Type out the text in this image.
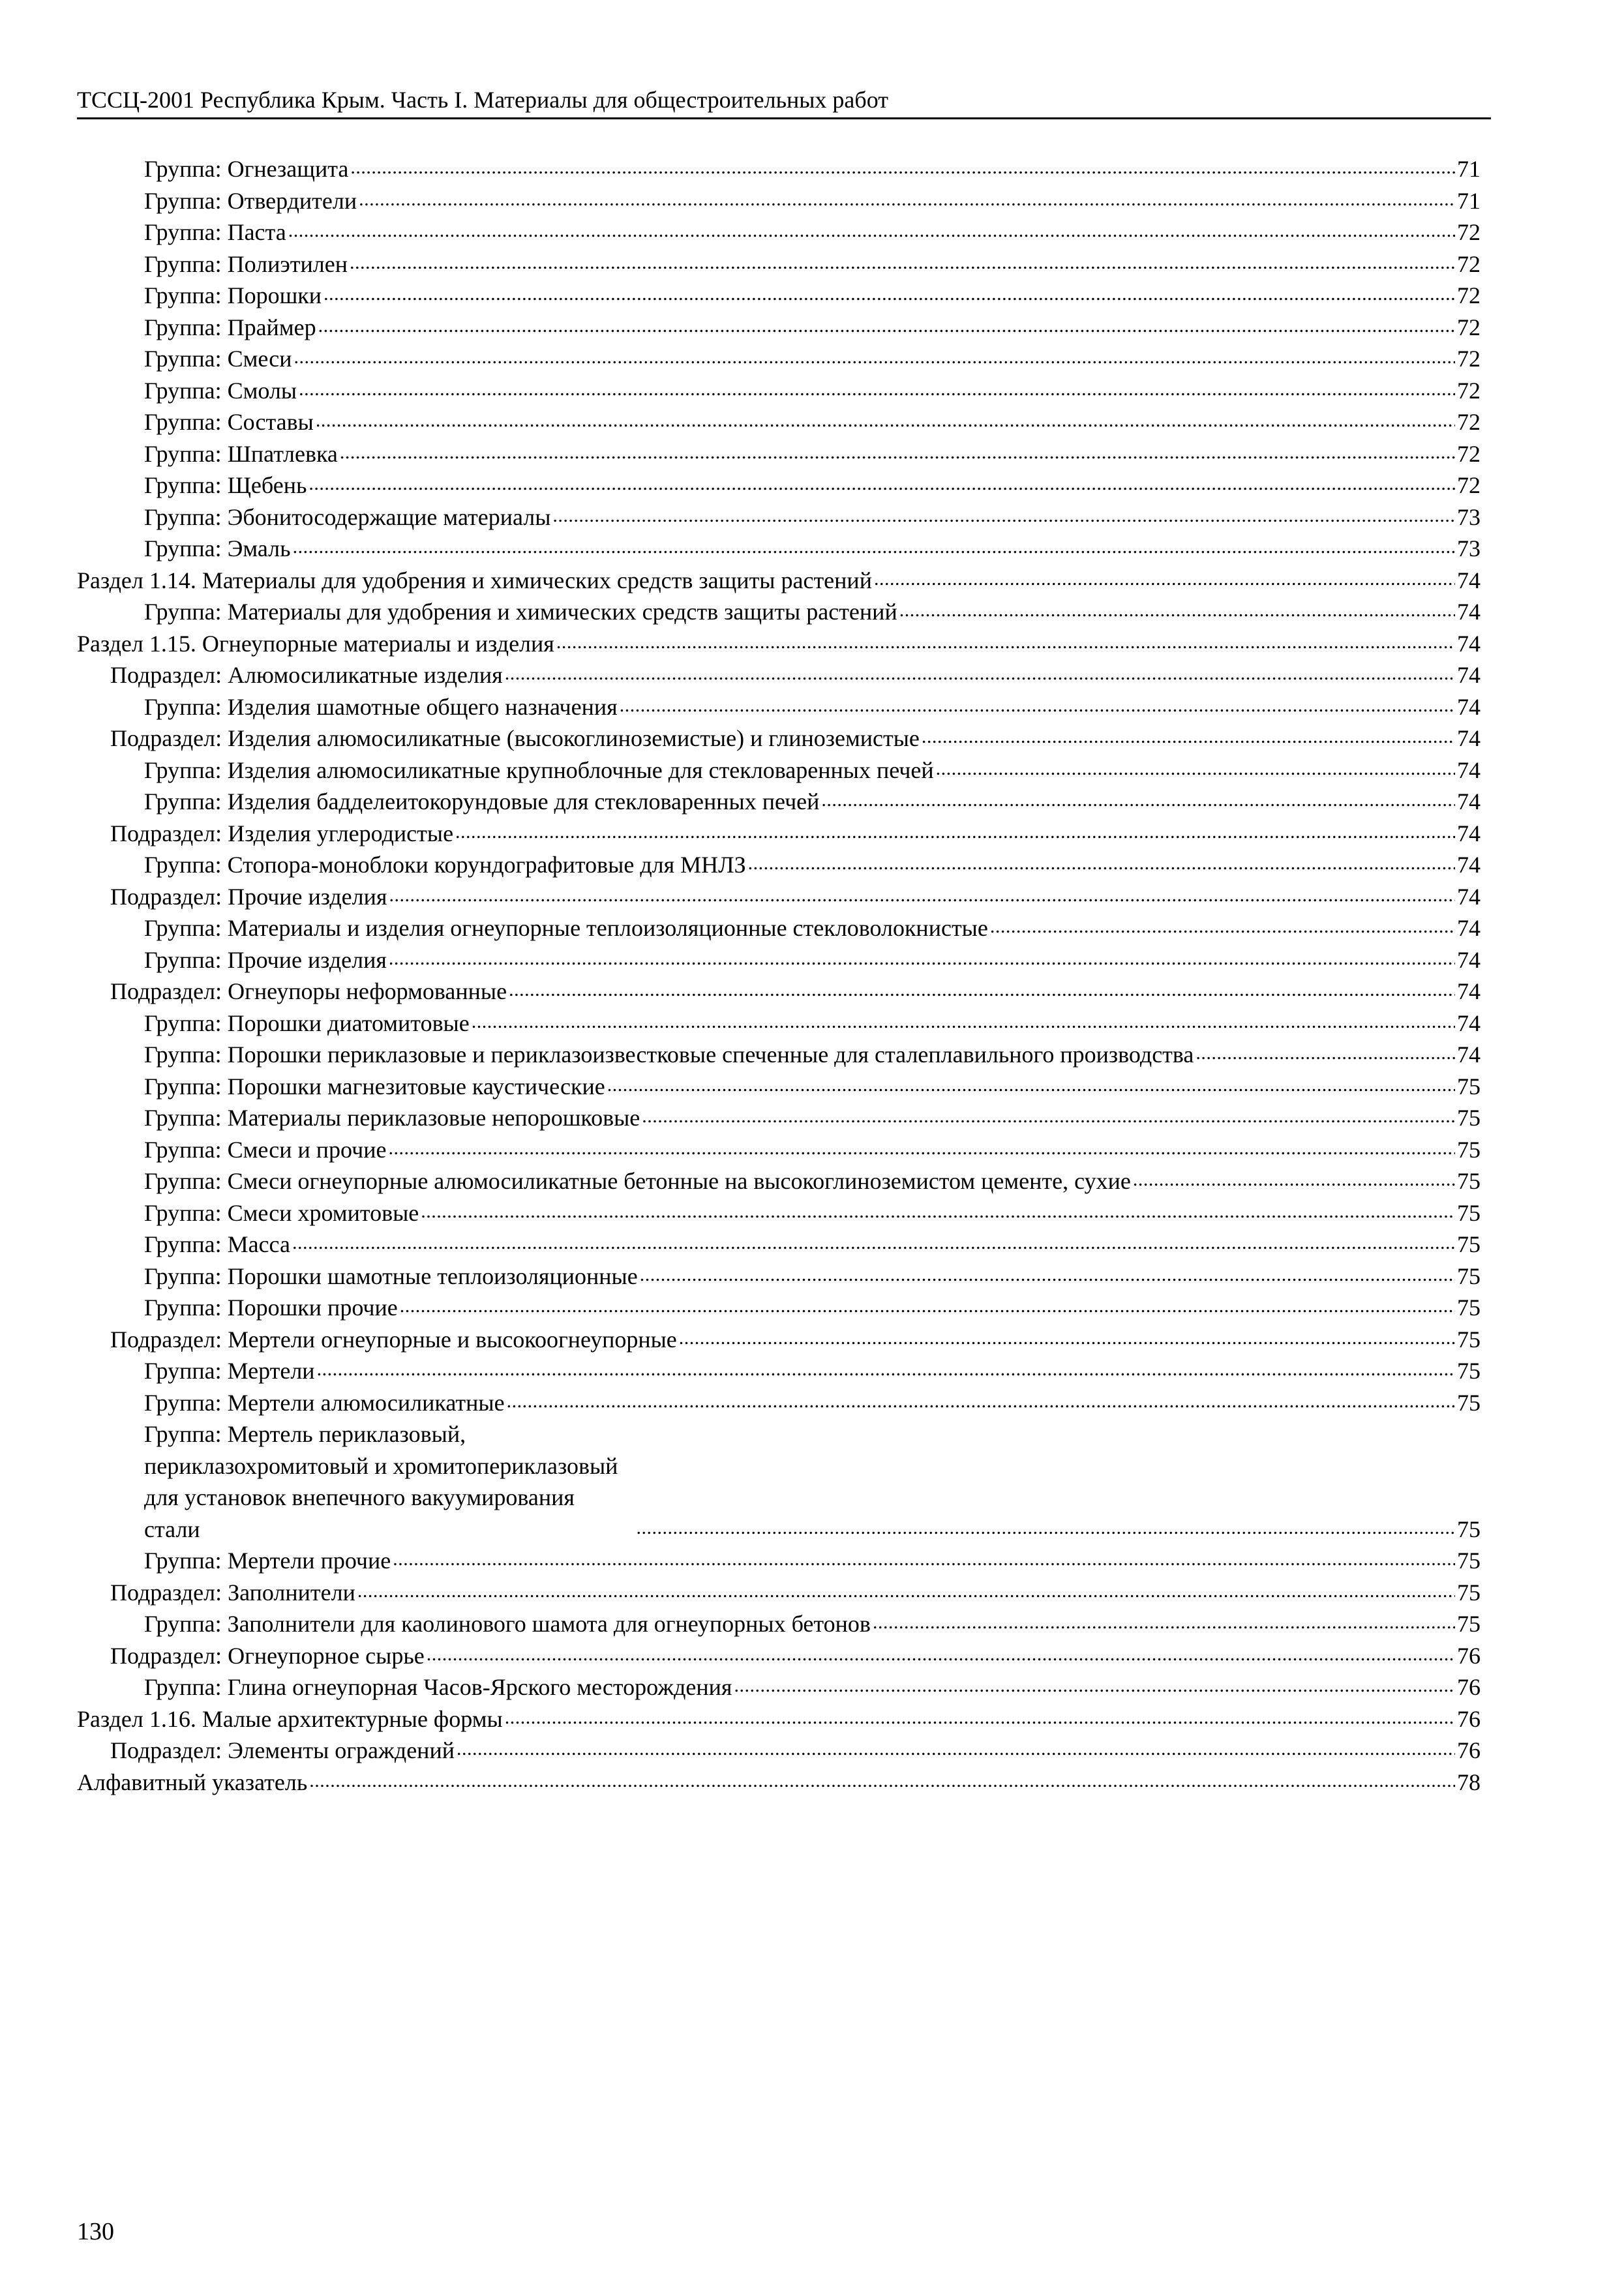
ТССЦ-2001 Республика Крым. Часть I. Материалы для общестроительных работ
Группа: Огнезащита .....	71
Группа: Отвердители .....	71
Группа: Паста .....	72
Группа: Полиэтилен .....	72
Группа: Порошки .....	72
Группа: Праймер .....	72
Группа: Смеси .....	72
Группа: Смолы .....	72
Группа: Составы .....	72
Группа: Шпатлевка .....	72
Группа: Щебень .....	72
Группа: Эбонитосодержащие материалы .....	73
Группа: Эмаль .....	73
Раздел 1.14. Материалы для удобрения и химических средств защиты растений .....	74
Группа: Материалы для удобрения и химических средств защиты растений .....	74
Раздел 1.15. Огнеупорные материалы и изделия .....	74
Подраздел: Алюмосиликатные изделия .....	74
Группа: Изделия шамотные общего назначения .....	74
Подраздел: Изделия алюмосиликатные (высокоглиноземистые) и глиноземистые .....	74
Группа: Изделия алюмосиликатные крупноблочные для стекловаренных печей .....	74
Группа: Изделия бадделеитокорундовые для стекловаренных печей .....	74
Подраздел: Изделия углеродистые .....	74
Группа: Стопора-моноблоки корундографитовые для МНЛЗ .....	74
Подраздел: Прочие изделия .....	74
Группа: Материалы и изделия огнеупорные теплоизоляционные стекловолокнистые .....	74
Группа: Прочие изделия .....	74
Подраздел: Огнеупоры неформованные .....	74
Группа: Порошки диатомитовые .....	74
Группа: Порошки периклазовые и периклазоизвестковые спеченные для сталеплавильного производства .....	74
Группа: Порошки магнезитовые каустические .....	75
Группа: Материалы периклазовые непорошковые .....	75
Группа: Смеси и прочие .....	75
Группа: Смеси огнеупорные алюмосиликатные бетонные на высокоглиноземистом цементе, сухие .....	75
Группа: Смеси хромитовые .....	75
Группа: Масса .....	75
Группа: Порошки шамотные теплоизоляционные .....	75
Группа: Порошки прочие .....	75
Подраздел: Мертели огнеупорные и высокоогнеупорные .....	75
Группа: Мертели .....	75
Группа: Мертели алюмосиликатные .....	75
Группа: Мертель периклазовый, периклазохромитовый и хромитопериклазовый для установок внепечного вакуумирования стали .....	75
Группа: Мертели прочие .....	75
Подраздел: Заполнители .....	75
Группа: Заполнители для каолинового шамота для огнеупорных бетонов .....	75
Подраздел: Огнеупорное сырье .....	76
Группа: Глина огнеупорная Часов-Ярского месторождения .....	76
Раздел 1.16. Малые архитектурные формы .....	76
Подраздел: Элементы ограждений .....	76
Алфавитный указатель .....	78
130
